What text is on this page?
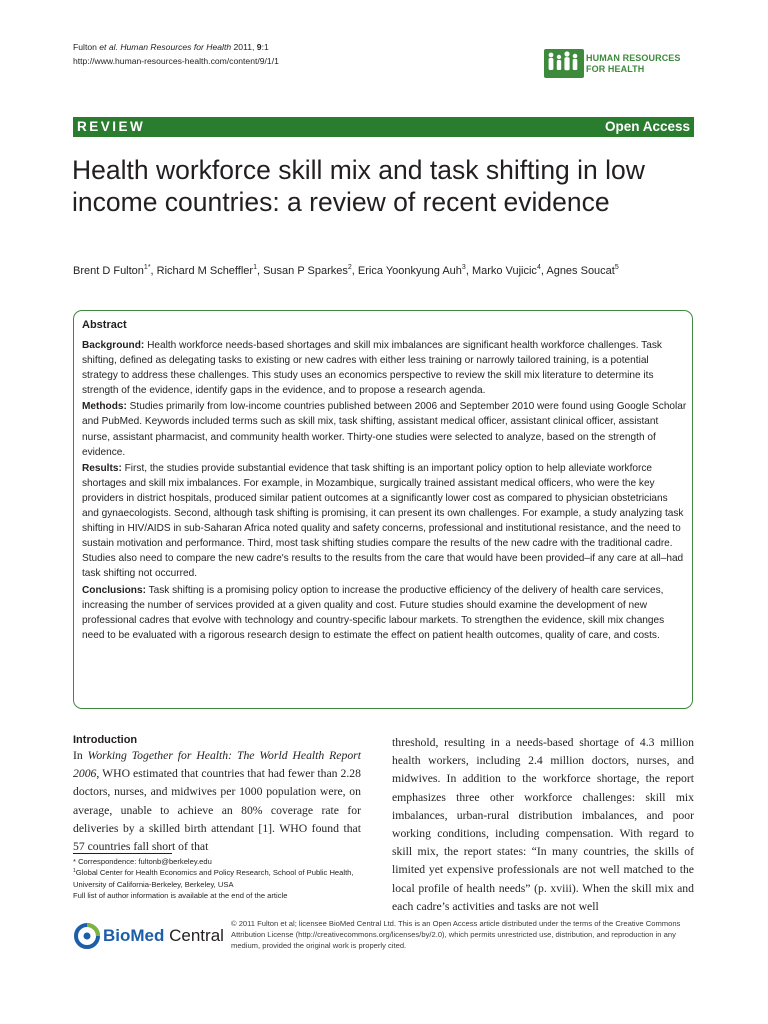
Fulton et al. Human Resources for Health 2011, 9:1
http://www.human-resources-health.com/content/9/1/1	HUMAN RESOURCES
FOR HEALTH
REVIEW	Open Access
Health workforce skill mix and task shifting in low income countries: a review of recent evidence
Brent D Fulton$^{1*}$, Richard M Scheffler$^1$, Susan P Sparkes$^2$, Erica Yoonkyung Auh$^3$, Marko Vujicic$^4$, Agnes Soucat$^5$
Abstract

Background: Health workforce needs-based shortages and skill mix imbalances are significant health workforce challenges. Task shifting, defined as delegating tasks to existing or new cadres with either less training or narrowly tailored training, is a potential strategy to address these challenges. This study uses an economics perspective to review the skill mix literature to determine its strength of the evidence, identify gaps in the evidence, and to propose a research agenda.

Methods: Studies primarily from low-income countries published between 2006 and September 2010 were found using Google Scholar and PubMed. Keywords included terms such as skill mix, task shifting, assistant medical officer, assistant clinical officer, assistant nurse, assistant pharmacist, and community health worker. Thirty-one studies were selected to analyze, based on the strength of evidence.

Results: First, the studies provide substantial evidence that task shifting is an important policy option to help alleviate workforce shortages and skill mix imbalances. For example, in Mozambique, surgically trained assistant medical officers, who were the key providers in district hospitals, produced similar patient outcomes at a significantly lower cost as compared to physician obstetricians and gynaecologists. Second, although task shifting is promising, it can present its own challenges. For example, a study analyzing task shifting in HIV/AIDS in sub-Saharan Africa noted quality and safety concerns, professional and institutional resistance, and the need to sustain motivation and performance. Third, most task shifting studies compare the results of the new cadre with the traditional cadre. Studies also need to compare the new cadre's results to the results from the care that would have been provided–if any care at all–had task shifting not occurred.

Conclusions: Task shifting is a promising policy option to increase the productive efficiency of the delivery of health care services, increasing the number of services provided at a given quality and cost. Future studies should examine the development of new professional cadres that evolve with technology and country-specific labour markets. To strengthen the evidence, skill mix changes need to be evaluated with a rigorous research design to estimate the effect on patient health outcomes, quality of care, and costs.

Introduction
In Working Together for Health: The World Health Report 2006, WHO estimated that countries that had fewer than 2.28 doctors, nurses, and midwives per 1000 population were, on average, unable to achieve an 80% coverage rate for deliveries by a skilled birth attendant [1]. WHO found that 57 countries fall short of that
threshold, resulting in a needs-based shortage of 4.3 million health workers, including 2.4 million doctors, nurses, and midwives. In addition to the workforce shortage, the report emphasizes three other workforce challenges: skill mix imbalances, urban-rural distribution imbalances, and poor working conditions, including compensation. With regard to skill mix, the report states: “In many countries, the skills of limited yet expensive professionals are not well matched to the local profile of health needs” (p. xviii). When the skill mix and each cadre’s activities and tasks are not well
* Correspondence: fultonb@berkeley.edu
$^1$Global Center for Health Economics and Policy Research, School of Public Health, University of California-Berkeley, Berkeley, USA
Full list of author information is available at the end of the article
BioMed Central
© 2011 Fulton et al; licensee BioMed Central Ltd. This is an Open Access article distributed under the terms of the Creative Commons Attribution License (http://creativecommons.org/licenses/by/2.0), which permits unrestricted use, distribution, and reproduction in any medium, provided the original work is properly cited.
